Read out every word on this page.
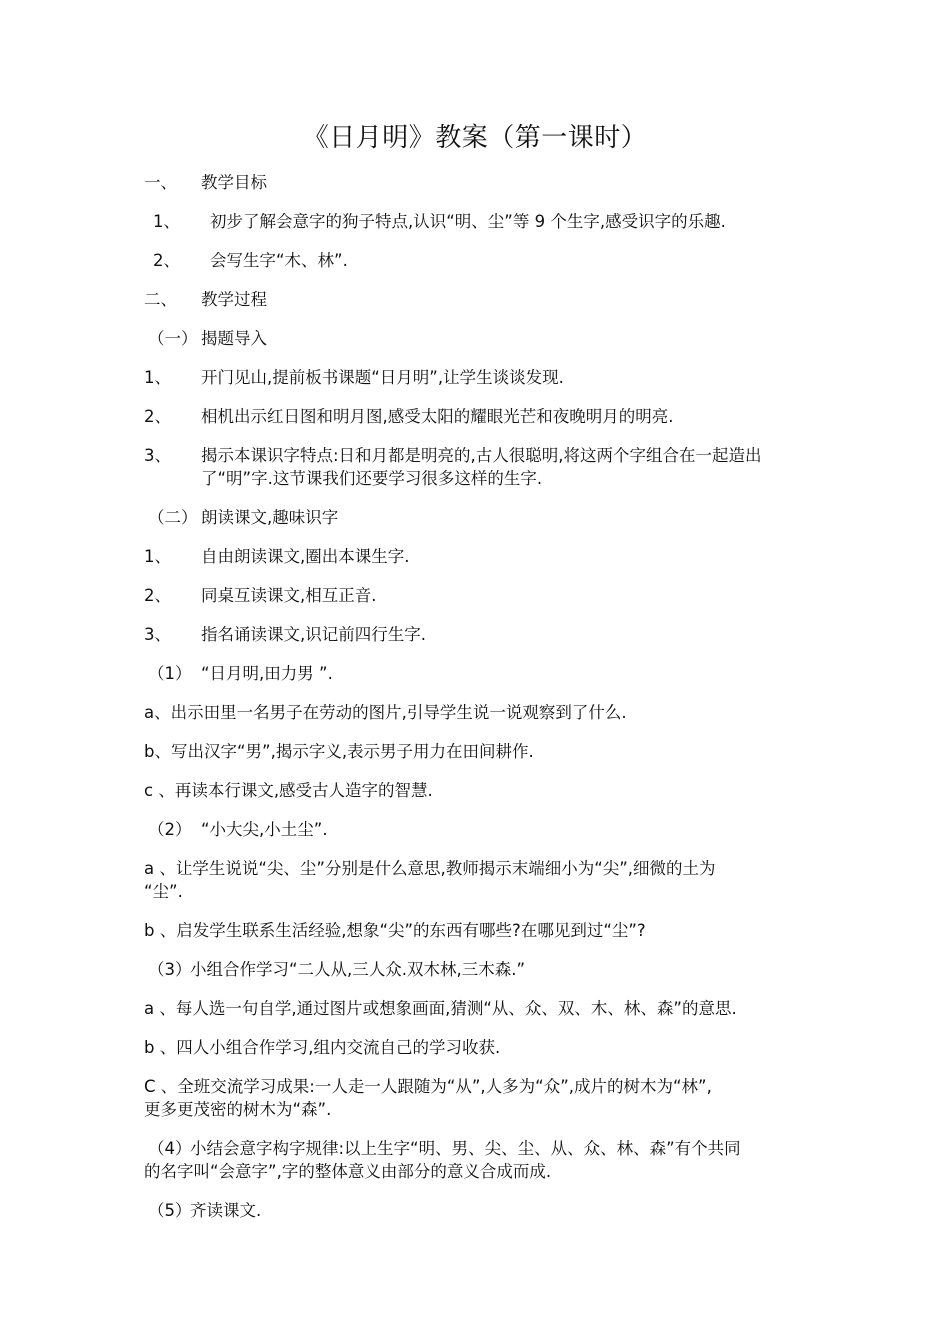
《日月明》教案（第一课时）
一、 教学目标
1、 初步了解会意字的狗子特点,认识“明、尘”等 9 个生字,感受识字的乐趣.
2、 会写生字“木、林”.
二、 教学过程
（一） 揭题导入
1、 开门见山,提前板书课题“日月明”,让学生谈谈发现.
2、 相机出示红日图和明月图,感受太阳的耀眼光芒和夜晚明月的明亮.
3、 揭示本课识字特点:日和月都是明亮的,古人很聪明,将这两个字组合在一起造出
了“明”字.这节课我们还要学习很多这样的生字.
（二） 朗读课文,趣味识字
1、 自由朗读课文,圈出本课生字.
2、 同桌互读课文,相互正音.
3、 指名诵读课文,识记前四行生字.
（1） “日月明,田力男 ”.
a、出示田里一名男子在劳动的图片,引导学生说一说观察到了什么.
b、写出汉字“男”,揭示字义,表示男子用力在田间耕作.
c 、再读本行课文,感受古人造字的智慧.
（2） “小大尖,小土尘”.
a 、让学生说说“尖、尘”分别是什么意思,教师揭示末端细小为“尖”,细微的土为
“尘”.
b 、启发学生联系生活经验,想象“尖”的东西有哪些?在哪见到过“尘”?
（3）
小组合作学习“二人从,三人众.双木林,三木森.”
a 、每人选一句自学,通过图片或想象画面,猜测“从、众、双、木、林、森”的意思.
b 、四人小组合作学习,组内交流自己的学习收获.
C 、全班交流学习成果:一人走一人跟随为“从”,人多为“众”,成片的树木为“林”,
更多更茂密的树木为“森”.
（4）
小结会意字构字规律:以上生字“明、男、尖、尘、从、众、林、森”有个共同
的名字叫“会意字”,字的整体意义由部分的意义合成而成.
（5）
齐读课文.
